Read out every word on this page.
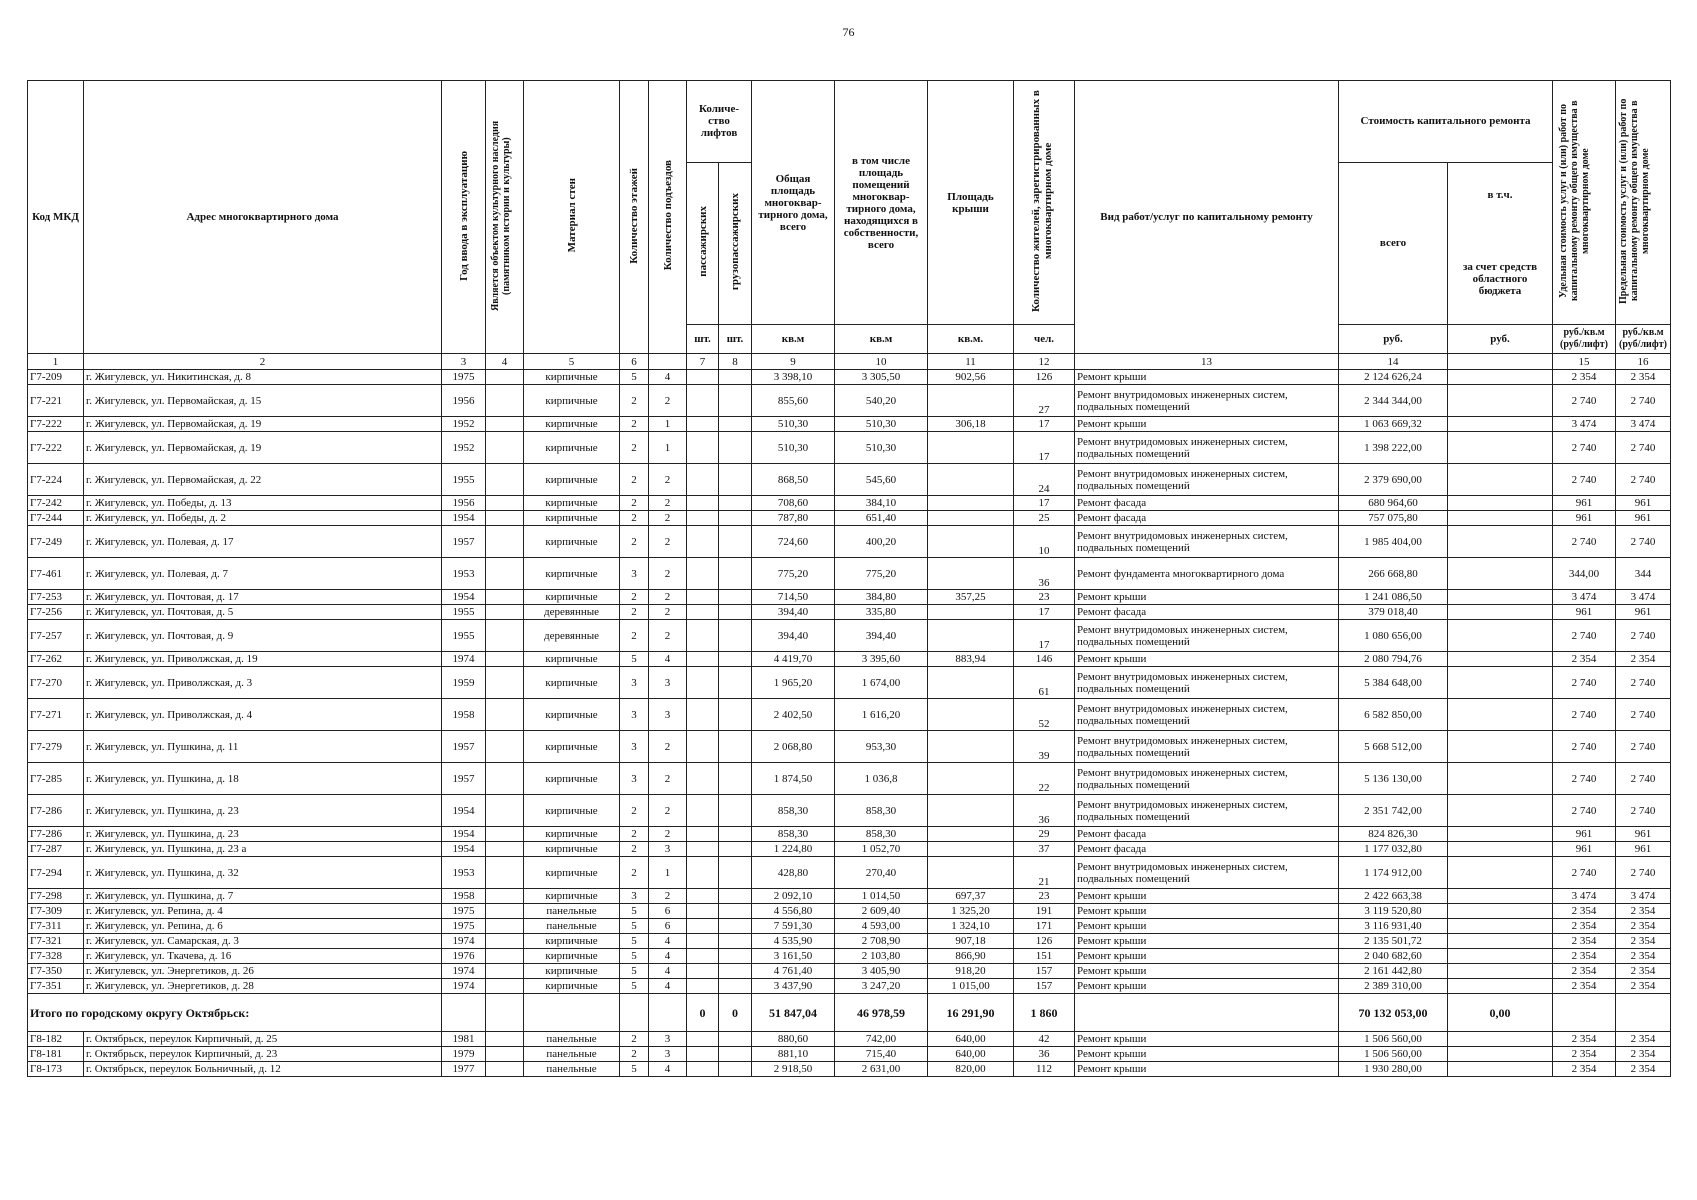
76
Код МКД	Адрес многоквартирного дома	Год ввода в эксплуатацию	Является объектом культурного наследия (памятником истории и культуры)	Материал стен	Количество этажей	Количество подъездов	Количе-ство лифтов		Общая площадь многоквар-тирного дома, всего	в том числе площадь помещений многоквар-тирного дома, находящихся в собственности, всего	Площадь крыши	Количество жителей, зарегистрированных в многоквартирном доме	Вид работ/услуг по капитальному ремонту	Стоимость капитального ремонта		Удельная стоимость услуг и (или) работ по капитальному ремонту общего имущества в многоквартирном доме	Предельная стоимость услуг и (или) работ по капитальному ремонту общего имущества в многоквартирном доме
							пассажирских	грузопассажирских						всего	в т.ч.
за счет средств областного бюджета		

							шт.	шт.	кв.м	кв.м	кв.м.	чел.		руб.	руб.	руб./кв.м (руб/лифт)	руб./кв.м (руб/лифт)
1	2	3	4	5	6		7	8	9	10	11	12	13	14		15	16
Г7-209	г. Жигулевск, ул. Никитинская, д. 8	1975		кирпичные	5	4			3 398,10	3 305,50	902,56	126	Ремонт крыши	2 124 626,24		2 354	2 354
Г7-221	г. Жигулевск, ул. Первомайская, д. 15	1956		кирпичные	2	2			855,60	540,20		27	Ремонт внутридомовых инженерных систем, подвальных помещений	2 344 344,00		2 740	2 740
Г7-222	г. Жигулевск, ул. Первомайская, д. 19	1952		кирпичные	2	1			510,30	510,30	306,18	17	Ремонт крыши	1 063 669,32		3 474	3 474
Г7-222	г. Жигулевск, ул. Первомайская, д. 19	1952		кирпичные	2	1			510,30	510,30		17	Ремонт внутридомовых инженерных систем, подвальных помещений	1 398 222,00		2 740	2 740
Г7-224	г. Жигулевск, ул. Первомайская, д. 22	1955		кирпичные	2	2			868,50	545,60		24	Ремонт внутридомовых инженерных систем, подвальных помещений	2 379 690,00		2 740	2 740
Г7-242	г. Жигулевск, ул. Победы, д. 13	1956		кирпичные	2	2			708,60	384,10		17	Ремонт фасада	680 964,60		961	961
Г7-244	г. Жигулевск, ул. Победы, д. 2	1954		кирпичные	2	2			787,80	651,40		25	Ремонт фасада	757 075,80		961	961
Г7-249	г. Жигулевск, ул. Полевая, д. 17	1957		кирпичные	2	2			724,60	400,20		10	Ремонт внутридомовых инженерных систем, подвальных помещений	1 985 404,00		2 740	2 740
Г7-461	г. Жигулевск, ул. Полевая, д. 7	1953		кирпичные	3	2			775,20	775,20		36	Ремонт фундамента многоквартирного дома	266 668,80		344,00	344
Г7-253	г. Жигулевск, ул. Почтовая, д. 17	1954		кирпичные	2	2			714,50	384,80	357,25	23	Ремонт крыши	1 241 086,50		3 474	3 474
Г7-256	г. Жигулевск, ул. Почтовая, д. 5	1955		деревянные	2	2			394,40	335,80		17	Ремонт фасада	379 018,40		961	961
Г7-257	г. Жигулевск, ул. Почтовая, д. 9	1955		деревянные	2	2			394,40	394,40		17	Ремонт внутридомовых инженерных систем, подвальных помещений	1 080 656,00		2 740	2 740
Г7-262	г. Жигулевск, ул. Приволжская, д. 19	1974		кирпичные	5	4			4 419,70	3 395,60	883,94	146	Ремонт крыши	2 080 794,76		2 354	2 354
Г7-270	г. Жигулевск, ул. Приволжская, д. 3	1959		кирпичные	3	3			1 965,20	1 674,00		61	Ремонт внутридомовых инженерных систем, подвальных помещений	5 384 648,00		2 740	2 740
Г7-271	г. Жигулевск, ул. Приволжская, д. 4	1958		кирпичные	3	3			2 402,50	1 616,20		52	Ремонт внутридомовых инженерных систем, подвальных помещений	6 582 850,00		2 740	2 740
Г7-279	г. Жигулевск, ул. Пушкина, д. 11	1957		кирпичные	3	2			2 068,80	953,30		39	Ремонт внутридомовых инженерных систем, подвальных помещений	5 668 512,00		2 740	2 740
Г7-285	г. Жигулевск, ул. Пушкина, д. 18	1957		кирпичные	3	2			1 874,50	1 036,8		22	Ремонт внутридомовых инженерных систем, подвальных помещений	5 136 130,00		2 740	2 740
Г7-286	г. Жигулевск, ул. Пушкина, д. 23	1954		кирпичные	2	2			858,30	858,30		36	Ремонт внутридомовых инженерных систем, подвальных помещений	2 351 742,00		2 740	2 740
Г7-286	г. Жигулевск, ул. Пушкина, д. 23	1954		кирпичные	2	2			858,30	858,30		29	Ремонт фасада	824 826,30		961	961
Г7-287	г. Жигулевск, ул. Пушкина, д. 23 а	1954		кирпичные	2	3			1 224,80	1 052,70		37	Ремонт фасада	1 177 032,80		961	961
Г7-294	г. Жигулевск, ул. Пушкина, д. 32	1953		кирпичные	2	1			428,80	270,40		21	Ремонт внутридомовых инженерных систем, подвальных помещений	1 174 912,00		2 740	2 740
Г7-298	г. Жигулевск, ул. Пушкина, д. 7	1958		кирпичные	3	2			2 092,10	1 014,50	697,37	23	Ремонт крыши	2 422 663,38		3 474	3 474
Г7-309	г. Жигулевск, ул. Репина, д. 4	1975		панельные	5	6			4 556,80	2 609,40	1 325,20	191	Ремонт крыши	3 119 520,80		2 354	2 354
Г7-311	г. Жигулевск, ул. Репина, д. 6	1975		панельные	5	6			7 591,30	4 593,00	1 324,10	171	Ремонт крыши	3 116 931,40		2 354	2 354
Г7-321	г. Жигулевск, ул. Самарская, д. 3	1974		кирпичные	5	4			4 535,90	2 708,90	907,18	126	Ремонт крыши	2 135 501,72		2 354	2 354
Г7-328	г. Жигулевск, ул. Ткачева, д. 16	1976		кирпичные	5	4			3 161,50	2 103,80	866,90	151	Ремонт крыши	2 040 682,60		2 354	2 354
Г7-350	г. Жигулевск, ул. Энергетиков, д. 26	1974		кирпичные	5	4			4 761,40	3 405,90	918,20	157	Ремонт крыши	2 161 442,80		2 354	2 354
Г7-351	г. Жигулевск, ул. Энергетиков, д. 28	1974		кирпичные	5	4			3 437,90	3 247,20	1 015,00	157	Ремонт крыши	2 389 310,00		2 354	2 354
Итого по городскому округу Октябрьск:							0	0	51 847,04	46 978,59	16 291,90	1 860		70 132 053,00	0,00		
Г8-182	г. Октябрьск, переулок Кирпичный, д. 25	1981		панельные	2	3			880,60	742,00	640,00	42	Ремонт крыши	1 506 560,00		2 354	2 354
Г8-181	г. Октябрьск, переулок Кирпичный, д. 23	1979		панельные	2	3			881,10	715,40	640,00	36	Ремонт крыши	1 506 560,00		2 354	2 354
Г8-173	г. Октябрьск, переулок Больничный, д. 12	1977		панельные	5	4			2 918,50	2 631,00	820,00	112	Ремонт крыши	1 930 280,00		2 354	2 354
